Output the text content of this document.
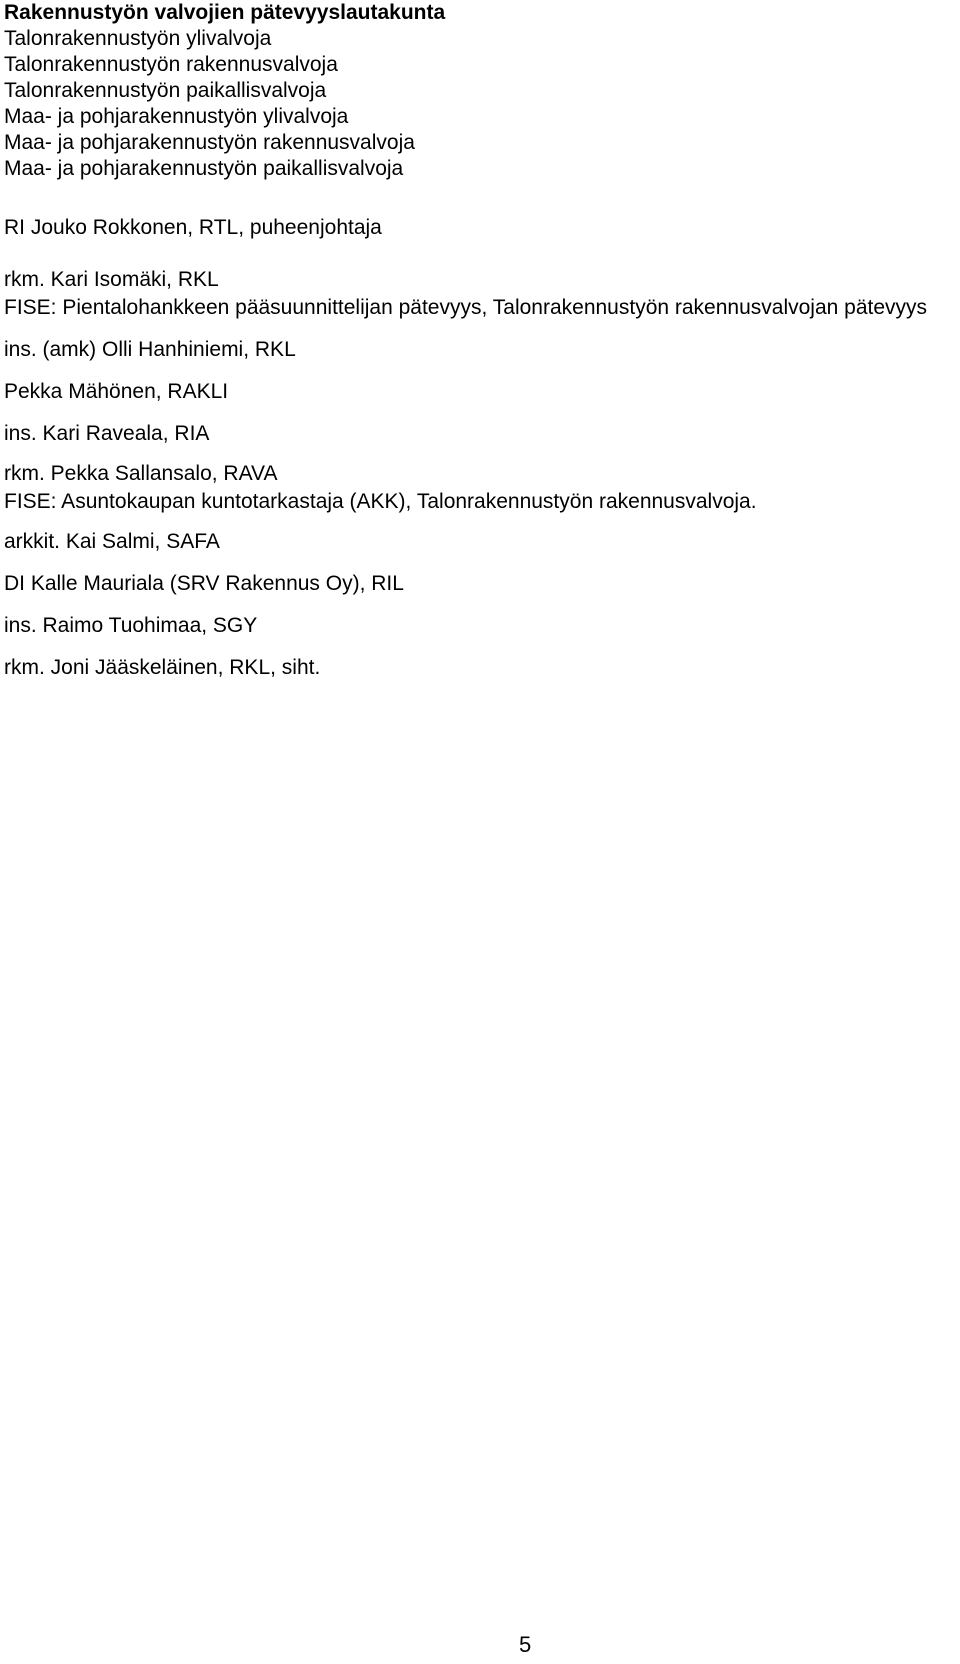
Rakennustyön valvojien pätevyyslautakunta

Talonrakennustyön ylivalvoja

Talonrakennustyön rakennusvalvoja

Talonrakennustyön paikallisvalvoja

Maa- ja pohjarakennustyön ylivalvoja

Maa- ja pohjarakennustyön rakennusvalvoja

Maa- ja pohjarakennustyön paikallisvalvoja

RI Jouko Rokkonen, RTL, puheenjohtaja

rkm. Kari Isomäki, RKL
FISE: Pientalohankkeen pääsuunnittelijan pätevyys, Talonrakennustyön rakennusvalvojan pätevyys
ins. (amk) Olli Hanhiniemi, RKL
Pekka Mähönen, RAKLI
ins. Kari Raveala, RIA
rkm. Pekka Sallansalo, RAVA
FISE: Asuntokaupan kuntotarkastaja (AKK), Talonrakennustyön rakennusvalvoja.
arkkit. Kai Salmi, SAFA
DI Kalle Mauriala (SRV Rakennus Oy), RIL
ins. Raimo Tuohimaa, SGY
rkm. Joni Jääskeläinen, RKL, siht.
5
